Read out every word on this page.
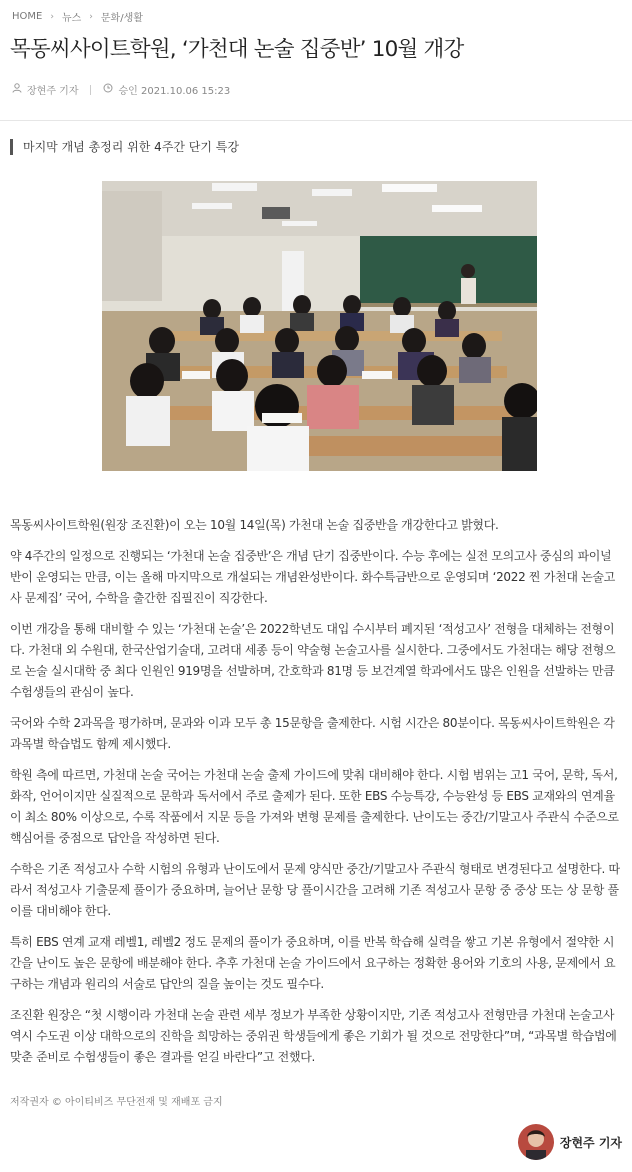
HOME › 뉴스 › 문화/생활
목동씨사이트학원, ‘가천대 논술 집중반’ 10월 개강
장현주 기자	승인 2021.10.06 15:23
마지막 개념 총정리 위한 4주간 단기 특강

목동씨사이트학원(원장 조진환)이 오는 10월 14일(목) 가천대 논술 집중반을 개강한다고 밝혔다.

약 4주간의 일정으로 진행되는 ‘가천대 논술 집중반’은 개념 단기 집중반이다. 수능 후에는 실전 모의고사 중심의 파이널 반이 운영되는 만큼, 이는 올해 마지막으로 개설되는 개념완성반이다. 화수특금반으로 운영되며 ‘2022 찐 가천대 논술고사 문제집’ 국어, 수학을 출간한 집필진이 직강한다.

이번 개강을 통해 대비할 수 있는 ‘가천대 논술’은 2022학년도 대입 수시부터 폐지된 ‘적성고사’ 전형을 대체하는 전형이다. 가천대 외 수원대, 한국산업기술대, 고려대 세종 등이 약술형 논술고사를 실시한다. 그중에서도 가천대는 해당 전형으로 논술 실시대학 중 최다 인원인 919명을 선발하며, 간호학과 81명 등 보건계열 학과에서도 많은 인원을 선발하는 만큼 수험생들의 관심이 높다.

국어와 수학 2과목을 평가하며, 문과와 이과 모두 총 15문항을 출제한다. 시험 시간은 80분이다. 목동씨사이트학원은 각 과목별 학습법도 함께 제시했다.

학원 측에 따르면, 가천대 논술 국어는 가천대 논술 출제 가이드에 맞춰 대비해야 한다. 시험 범위는 고1 국어, 문학, 독서, 화작, 언어이지만 실질적으로 문학과 독서에서 주로 출제가 된다. 또한 EBS 수능특강, 수능완성 등 EBS 교재와의 연계율이 최소 80% 이상으로, 수록 작품에서 지문 등을 가져와 변형 문제를 출제한다. 난이도는 중간/기말고사 주관식 수준으로 핵심어를 중점으로 답안을 작성하면 된다.

수학은 기존 적성고사 수학 시험의 유형과 난이도에서 문제 양식만 중간/기말고사 주관식 형태로 변경된다고 설명한다. 따라서 적성고사 기출문제 풀이가 중요하며, 늘어난 문항 당 풀이시간을 고려해 기존 적성고사 문항 중 중상 또는 상 문항 풀이를 대비해야 한다.

특히 EBS 연계 교재 레벨1, 레벨2 정도 문제의 풀이가 중요하며, 이를 반복 학습해 실력을 쌓고 기본 유형에서 절약한 시간을 난이도 높은 문항에 배분해야 한다. 추후 가천대 논술 가이드에서 요구하는 정확한 용어와 기호의 사용, 문제에서 요구하는 개념과 원리의 서술로 답안의 질을 높이는 것도 필수다.

조진환 원장은 “첫 시행이라 가천대 논술 관련 세부 정보가 부족한 상황이지만, 기존 적성고사 전형만큼 가천대 논술고사 역시 수도권 이상 대학으로의 진학을 희망하는 중위권 학생들에게 좋은 기회가 될 것으로 전망한다”며, “과목별 학습법에 맞춘 준비로 수험생들이 좋은 결과를 얻길 바란다”고 전했다.

저작권자 © 아이티비즈 무단전재 및 재배포 금지
장현주 기자
